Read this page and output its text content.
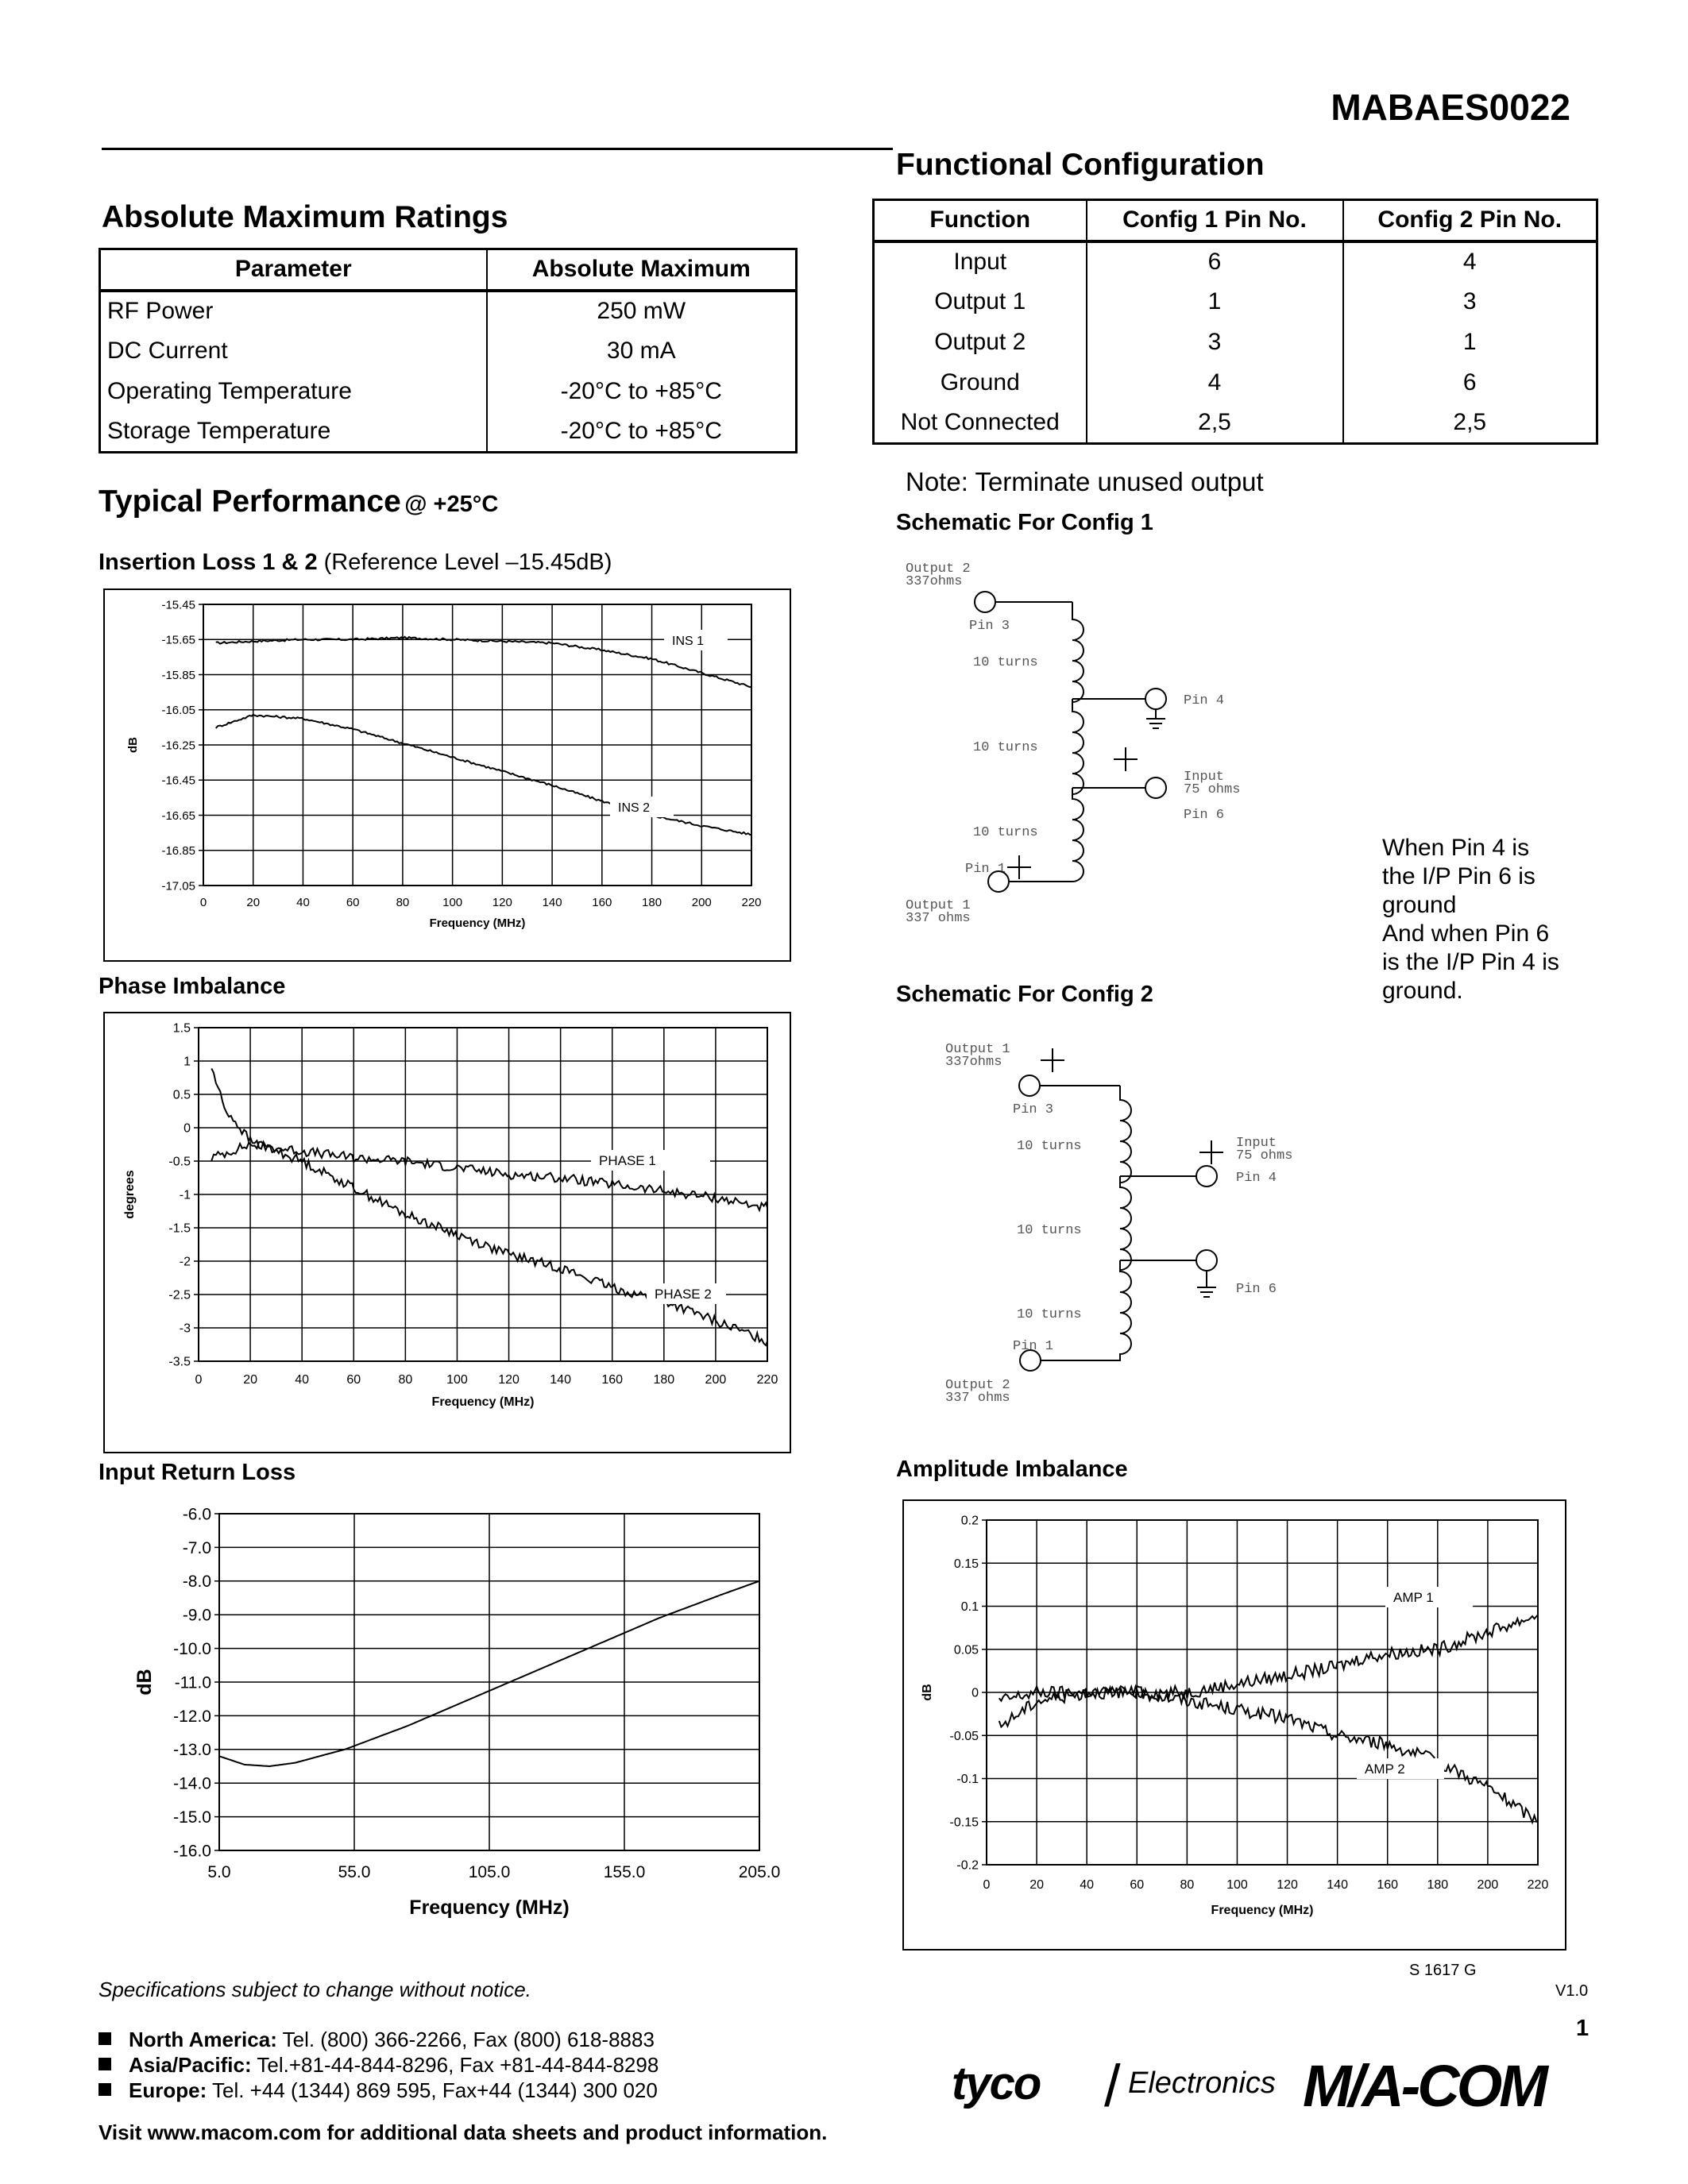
MABAES0022
Functional Configuration
Function	Config 1 Pin No.	Config 2 Pin No.
Input	6	4
Output 1	1	3
Output 2	3	1
Ground	4	6
Not Connected	2,5	2,5
Note: Terminate unused output
Absolute Maximum Ratings
Parameter	Absolute Maximum
RF Power	250 mW
DC Current	30 mA
Operating Temperature	-20°C to +85°C
Storage Temperature	-20°C to +85°C
Typical Performance @ +25°C
Insertion Loss 1 & 2 (Reference Level –15.45dB)
0	20	40	60	80	100	120	140	160	180	200	220
-15.45
-15.65
-15.85
-16.05
-16.25
-16.45
-16.65
-16.85
-17.05
Frequency (MHz)
dB
INS 1
INS 2
Phase Imbalance
0	20	40	60	80	100 120 140 160 180 200 220
1.5
1
0.5
0
-0.5
-1
-1.5
-2
-2.5
-3
-3.5
Frequency (MHz)
degrees
PHASE 1
PHASE 2
Input Return Loss
5.0	55.0	105.0	155.0	205.0
-6.0
-7.0
-8.0
-9.0
-10.0
-11.0
-12.0
-13.0
-14.0
-15.0
-16.0
Frequency (MHz)
dB
Schematic For Config 1
Output 2
337ohms
Pin 3
10 turns
Pin 4
10 turns
Input
75 ohms
Pin 6
10 turns
Pin 1
Output 1
337 ohms
When Pin 4 is
the I/P Pin 6 is
ground
And when Pin 6
is the I/P Pin 4 is
ground.
Schematic For Config 2
Output 1
337ohms
Pin 3
10 turns	Input
75 ohms
Pin 4
10 turns
Pin 6
10 turns
Pin 1
Output 2
337 ohms
Amplitude Imbalance
0	20	40	60	80	100 120 140 160 180 200 220
0.2
0.15
0.1
0.05
0
-0.05
-0.1
-0.15
-0.2
Frequency (MHz)
dB
AMP 1
AMP 2
S 1617 G
V1.0
Specifications subject to change without notice.
1
North America: Tel. (800) 366-2266, Fax (800) 618-8883
Asia/Pacific: Tel.+81-44-844-8296, Fax +81-44-844-8298
Europe: Tel. +44 (1344) 869 595, Fax+44 (1344) 300 020
Visit www.macom.com for additional data sheets and product information.
tyco / Electronics M/A-COM
